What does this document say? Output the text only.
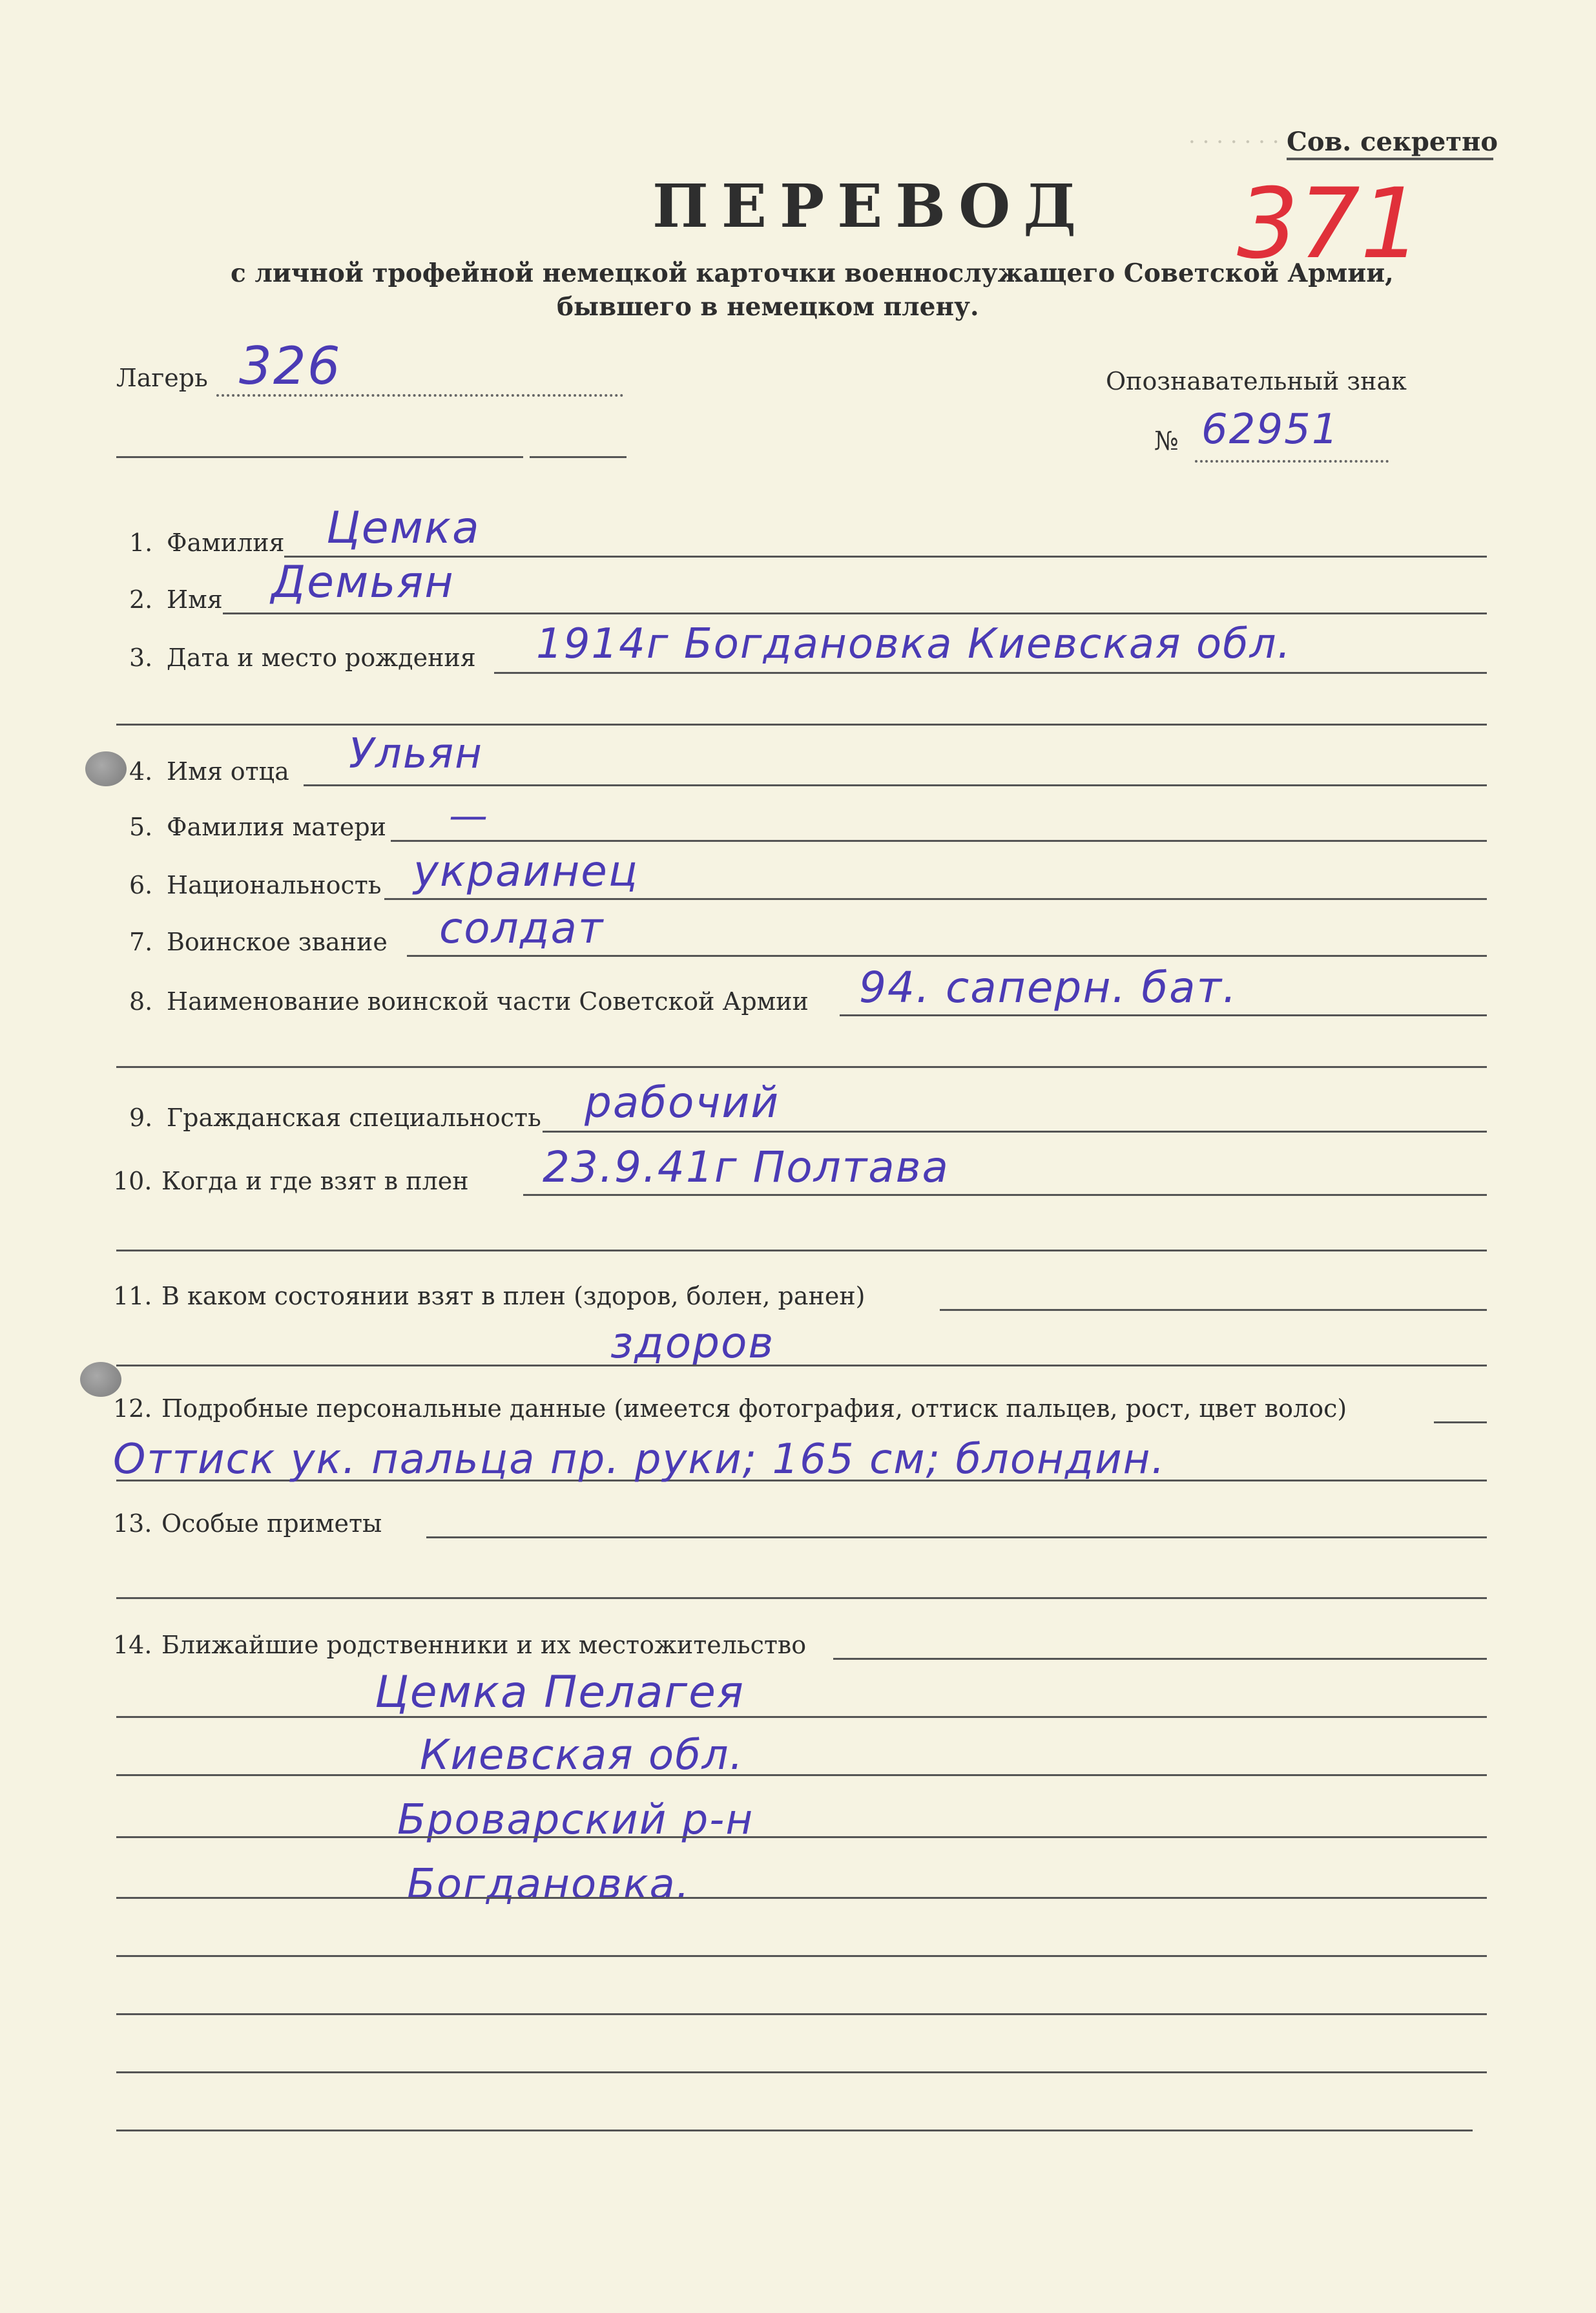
· · · · · · · Сов. секретно
371
ПЕРЕВОД
с личной трофейной немецкой карточки военнослужащего Советской Армии,
бывшего в немецком плену.
Лагерь 326	Опознавательный знак
№ 62951
1. Фамилия Цемка
2. Имя Демьян
3. Дата и место рождения 1914г Богдановка Киевская обл.
4. Имя отца Ульян
5. Фамилия матери —
6. Национальность украинец
7. Воинское звание солдат
8. Наименование воинской части Советской Армии 94. саперн. бат.
9. Гражданская специальность рабочий
10. Когда и где взят в плен 23.9.41г Полтава
11. В каком состоянии взят в плен (здоров, болен, ранен)
здоров
12. Подробные персональные данные (имеется фотография, оттиск пальцев, рост, цвет волос)
Оттиск ук. пальца пр. руки; 165 см; блондин.
13. Особые приметы
14. Ближайшие родственники и их местожительство
Цемка Пелагея
Киевская обл.
Броварский р-н
Богдановка.
